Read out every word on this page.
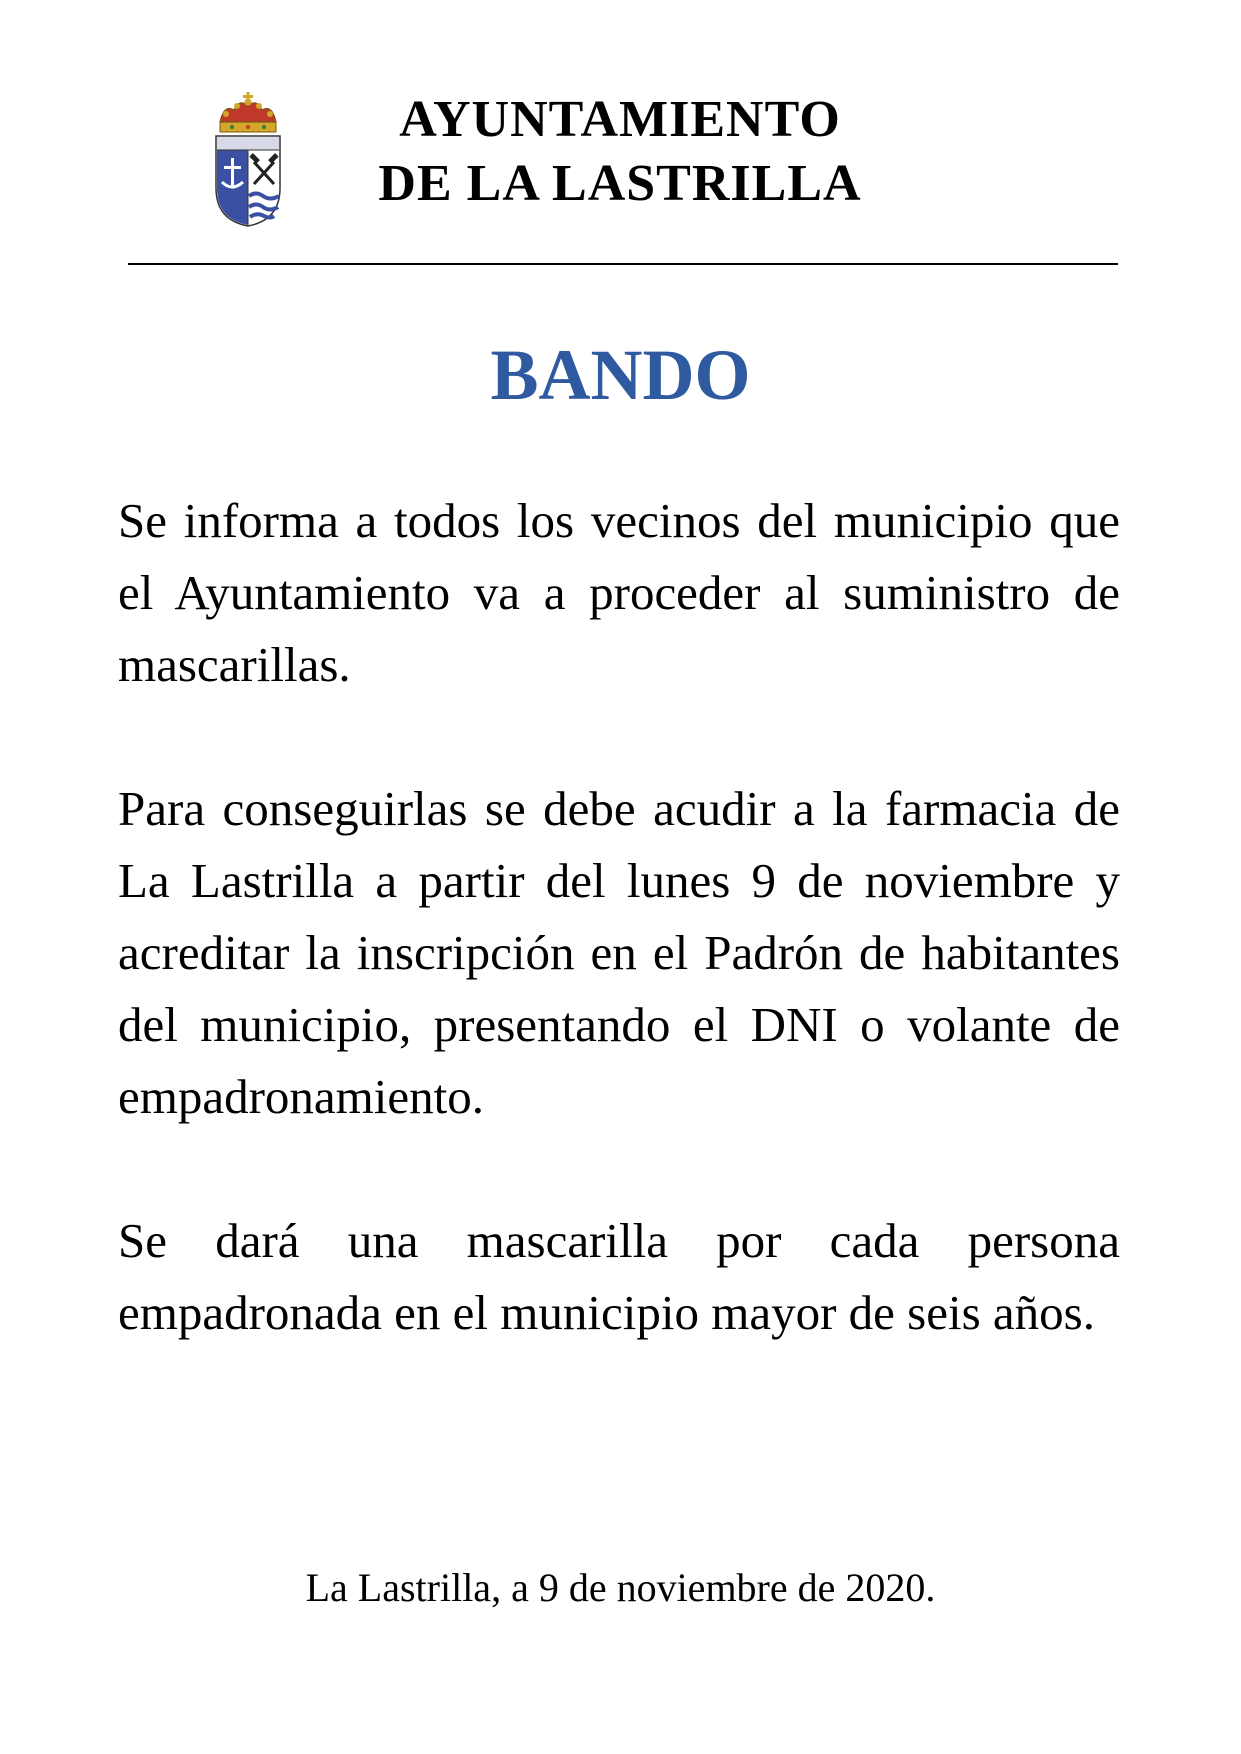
AYUNTAMIENTO
DE LA LASTRILLA
BANDO

Se informa a todos los vecinos del municipio que el Ayuntamiento va a proceder al suministro de mascarillas.

Para conseguirlas se debe acudir a la farmacia de La Lastrilla a partir del lunes 9 de noviembre y acreditar la inscripción en el Padrón de habitantes del municipio, presentando el DNI o volante de empadronamiento.

Se dará una mascarilla por cada persona empadronada en el municipio mayor de seis años.

La Lastrilla, a 9 de noviembre de 2020.
